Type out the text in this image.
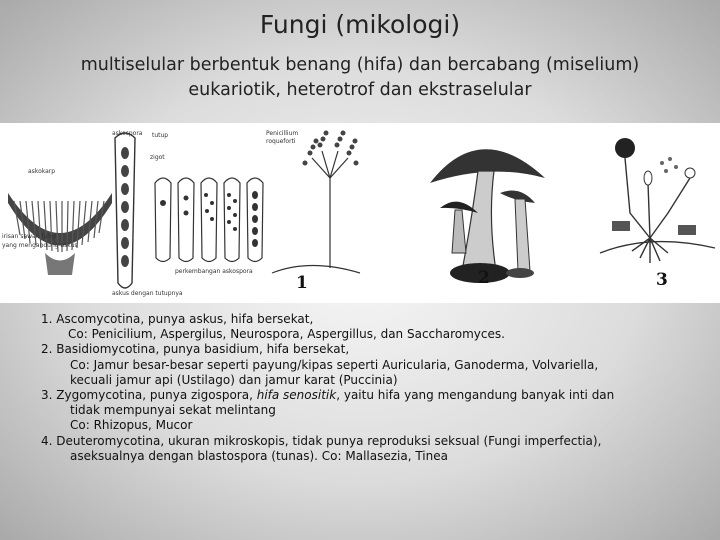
Fungi (mikologi)
multiselular berbentuk benang (hifa) dan bercabang (miselium)
eukariotik, heterotrof dan ekstraselular
askokarp
irisan sawan fungi
yang mengandung askus
askospora tutup
zigot
perkembangan askospora
askus dengan tutupnya
Penicillium
roqueforti
1	2	3

1. Ascomycotina, punya askus, hifa bersekat,

Co: Penicilium, Aspergilus, Neurospora, Aspergillus, dan Saccharomyces.

2. Basidiomycotina, punya basidium, hifa bersekat,

Co: Jamur besar-besar seperti payung/kipas seperti Auricularia, Ganoderma, Volvariella,

kecuali jamur api (Ustilago) dan jamur karat (Puccinia)

3. Zygomycotina, punya zigospora, hifa senositik, yaitu hifa yang mengandung banyak inti dan

tidak mempunyai sekat melintang

Co: Rhizopus, Mucor

4. Deuteromycotina, ukuran mikroskopis, tidak punya reproduksi seksual (Fungi imperfectia),

aseksualnya dengan blastospora (tunas). Co: Mallasezia, Tinea
